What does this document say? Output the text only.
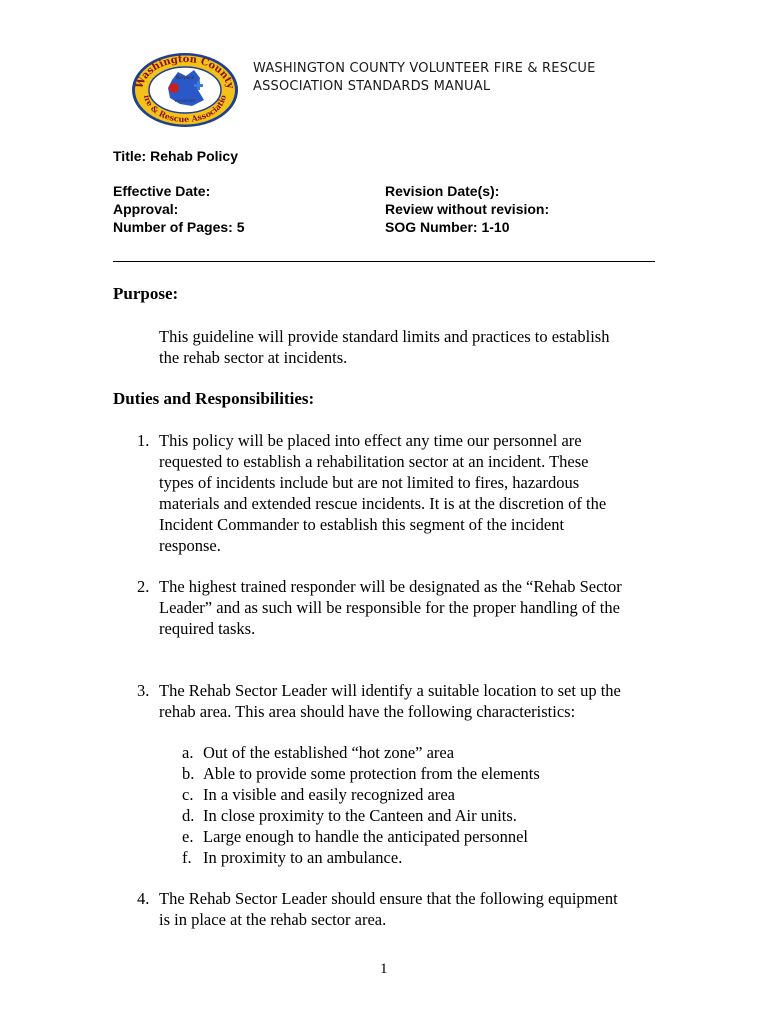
Washington County
ire & Rescue Associatio
Maryland
VOLUNTEER
WASHINGTON COUNTY VOLUNTEER FIRE & RESCUE
ASSOCIATION STANDARDS MANUAL
Title: Rehab Policy
Effective Date:
Approval:
Number of Pages: 5
Revision Date(s):
Review without revision:
SOG Number: 1-10
Purpose:
This guideline will provide standard limits and practices to establish
the rehab sector at incidents.
Duties and Responsibilities:
1. This policy will be placed into effect any time our personnel are
requested to establish a rehabilitation sector at an incident. These
types of incidents include but are not limited to fires, hazardous
materials and extended rescue incidents. It is at the discretion of the
Incident Commander to establish this segment of the incident
response.
2. The highest trained responder will be designated as the “Rehab Sector
Leader” and as such will be responsible for the proper handling of the
required tasks.
3. The Rehab Sector Leader will identify a suitable location to set up the
rehab area. This area should have the following characteristics:
a. Out of the established “hot zone” area
b. Able to provide some protection from the elements
c. In a visible and easily recognized area
d. In close proximity to the Canteen and Air units.
e. Large enough to handle the anticipated personnel
f. In proximity to an ambulance.
4. The Rehab Sector Leader should ensure that the following equipment
is in place at the rehab sector area.
1
